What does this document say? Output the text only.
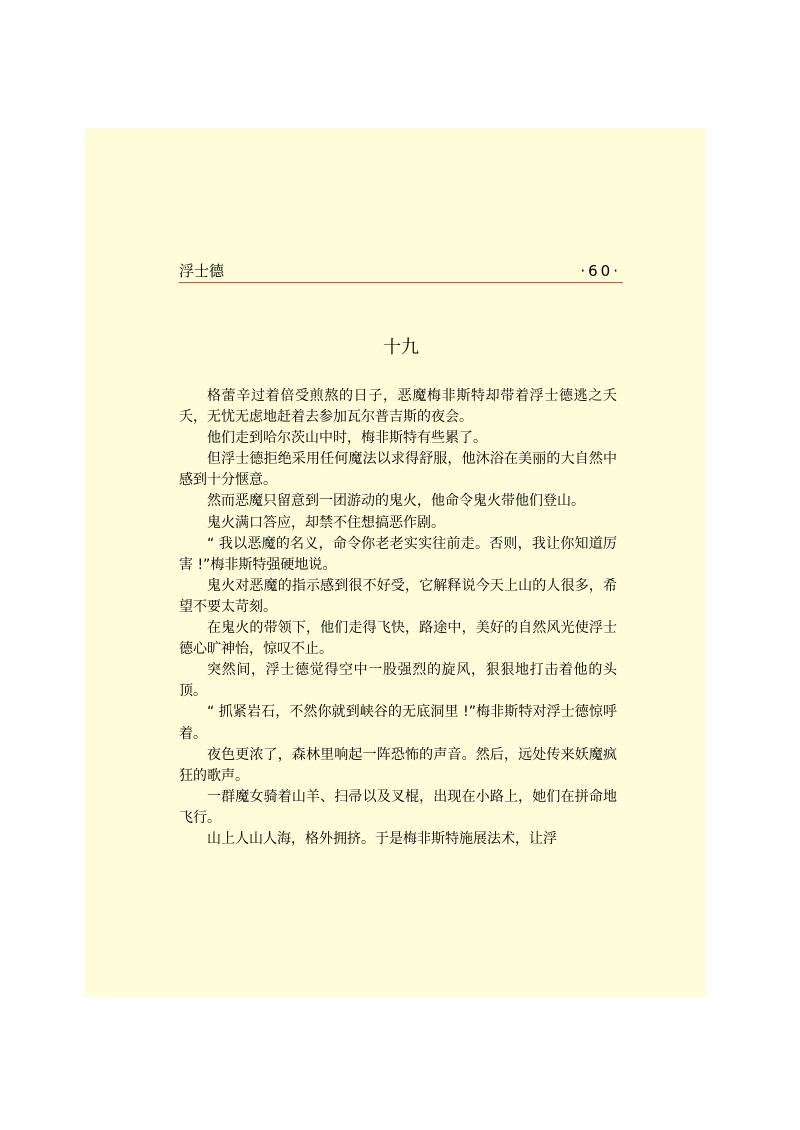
浮士德	·60·
十九

格蕾辛过着倍受煎熬的日子，恶魔梅非斯特却带着浮士德逃之夭夭，无忧无虑地赶着去参加瓦尔普吉斯的夜会。

他们走到哈尔茨山中时，梅非斯特有些累了。

但浮士德拒绝采用任何魔法以求得舒服，他沐浴在美丽的大自然中感到十分惬意。

然而恶魔只留意到一团游动的鬼火，他命令鬼火带他们登山。

鬼火满口答应，却禁不住想搞恶作剧。

“ 我以恶魔的名义，命令你老老实实往前走。否则，我让你知道厉害 !”梅非斯特强硬地说。

鬼火对恶魔的指示感到很不好受，它解释说今天上山的人很多，希望不要太苛刻。

在鬼火的带领下，他们走得飞快，路途中，美好的自然风光使浮士德心旷神怡，惊叹不止。

突然间，浮士德觉得空中一股强烈的旋风，狠狠地打击着他的头顶。

“ 抓紧岩石，不然你就到峡谷的无底洞里 !”梅非斯特对浮士德惊呼着。

夜色更浓了，森林里响起一阵恐怖的声音。然后，远处传来妖魔疯狂的歌声。

一群魔女骑着山羊、扫帚以及叉棍，出现在小路上，她们在拼命地飞行。

山上人山人海，格外拥挤。于是梅非斯特施展法术，让浮
